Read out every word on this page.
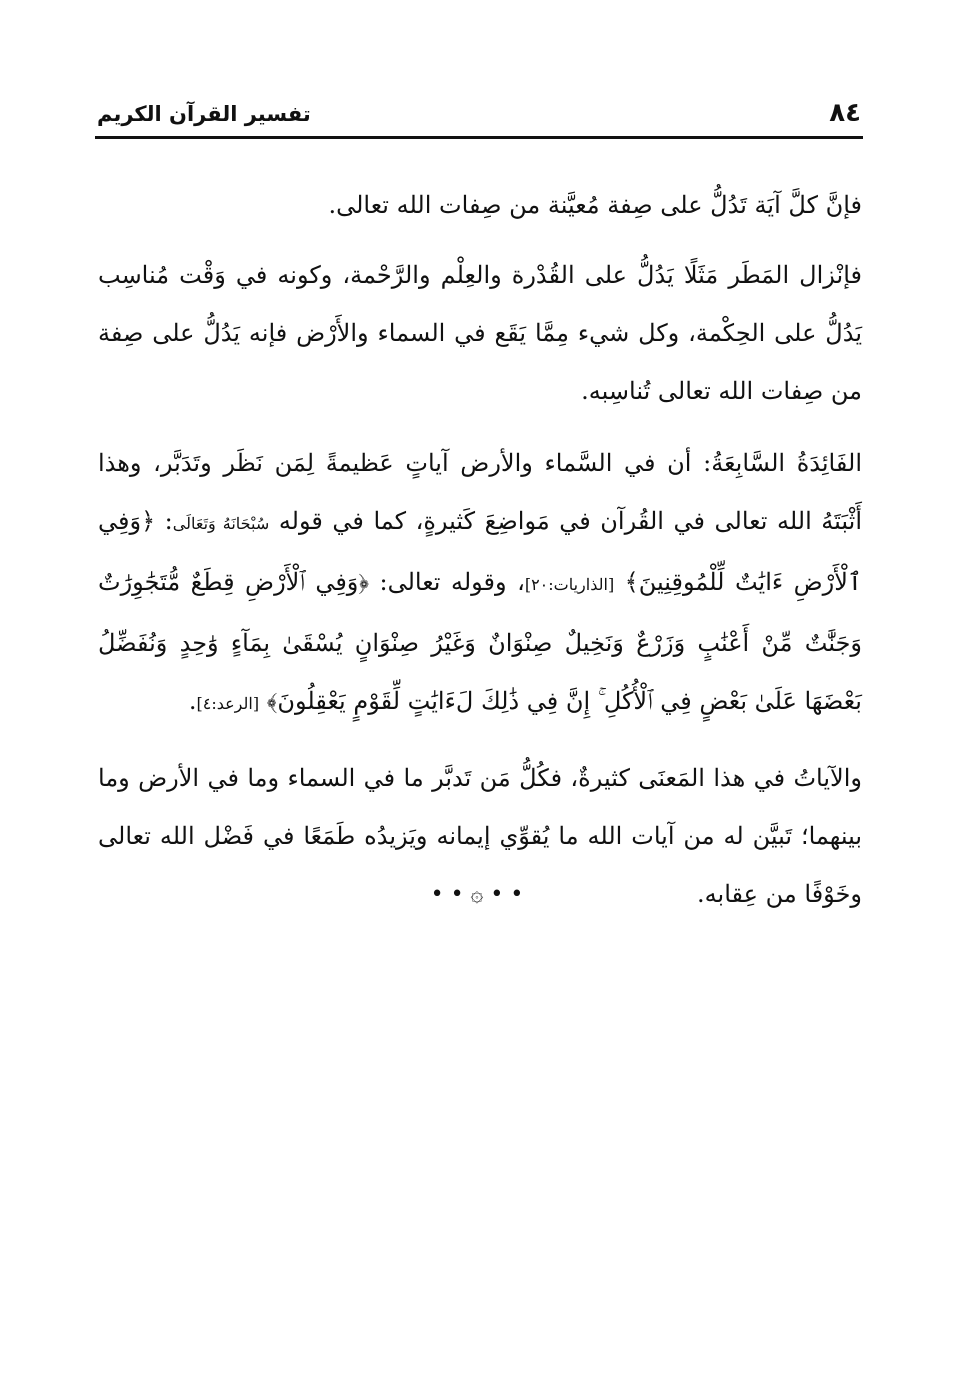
٨٤
تفسير القرآن الكريم

فإنَّ كلَّ آيَة تَدُلُّ على صِفة مُعيَّنة من صِفات الله تعالى.

فإنْزال المَطَر مَثَلًا يَدُلُّ على القُدْرة والعِلْم والرَّحْمة، وكونه في وَقْت مُناسِب يَدُلُّ على الحِكْمة، وكل شيء مِمَّا يَقَع في السماء والأَرْض فإنه يَدُلُّ على صِفة من صِفات الله تعالى تُناسِبه.

الفَائِدَةُ السَّابِعَةُ: أن في السَّماء والأرض آياتٍ عَظيمةً لِمَن نَظَر وتَدَبَّر، وهذا أَثْبَتَهُ الله تعالى في القُرآن في مَواضِعَ كَثيرةٍ، كما في قوله سُبْحَانَهُ وَتَعَالَى: ﴿وَفِي ٱلْأَرْضِ ءَايَٰتٌ لِّلْمُوقِنِينَ﴾ [الذاريات:٢٠]، وقوله تعالى: ﴿وَفِي ٱلْأَرْضِ قِطَعٌ مُّتَجَٰوِرَٰتٌ وَجَنَّٰتٌ مِّنْ أَعْنَٰبٍ وَزَرْعٌ وَنَخِيلٌ صِنْوَانٌ وَغَيْرُ صِنْوَانٍ يُسْقَىٰ بِمَآءٍ وَٰحِدٍ وَنُفَضِّلُ بَعْضَهَا عَلَىٰ بَعْضٍ فِي ٱلْأُكُلِ ۚ إِنَّ فِي ذَٰلِكَ لَءَايَٰتٍ لِّقَوْمٍ يَعْقِلُونَ﴾ [الرعد:٤].

والآياتُ في هذا المَعنَى كثيرةٌ، فكُلُّ مَن تَدبَّر ما في السماء وما في الأرض وما بينهما؛ تَبيَّن له من آيات الله ما يُقوِّي إيمانه ويَزيدُه طَمَعًا في فَضْل الله تعالى وخَوْفًا من عِقابه.

• • ۞ • •
